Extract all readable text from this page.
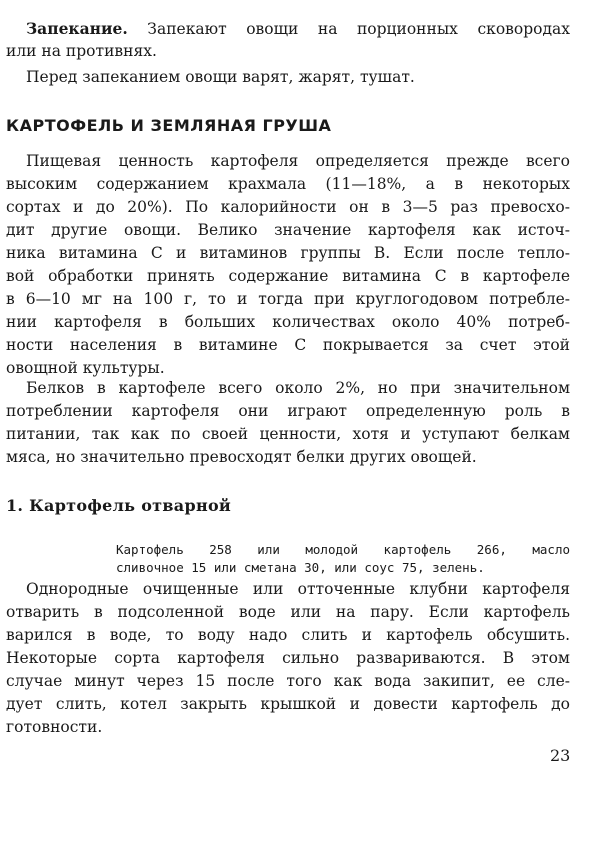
Запекание. Запекают овощи на порционных сковородах
или на противнях.
Перед запеканием овощи варят, жарят, тушат.
КАРТОФЕЛЬ И ЗЕМЛЯНАЯ ГРУША
Пищевая ценность картофеля определяется прежде всего
высоким содержанием крахмала (11—18%, а в некоторых
сортах и до 20%). По калорийности он в 3—5 раз превосхо-
дит другие овощи. Велико значение картофеля как источ-
ника витамина С и витаминов группы В. Если после тепло-
вой обработки принять содержание витамина С в картофеле
в 6—10 мг на 100 г, то и тогда при круглогодовом потребле-
нии картофеля в больших количествах около 40% потреб-
ности населения в витамине С покрывается за счет этой
овощной культуры.
Белков в картофеле всего около 2%, но при значительном
потреблении картофеля они играют определенную роль в
питании, так как по своей ценности, хотя и уступают белкам
мяса, но значительно превосходят белки других овощей.
1. Картофель отварной
Картофель 258 или молодой картофель 266, масло
сливочное 15 или сметана 30, или соус 75, зелень.
Однородные очищенные или отточенные клубни картофеля
отварить в подсоленной воде или на пару. Если картофель
варился в воде, то воду надо слить и картофель обсушить.
Некоторые сорта картофеля сильно развариваются. В этом
случае минут через 15 после того как вода закипит, ее сле-
дует слить, котел закрыть крышкой и довести картофель до
готовности.
23
